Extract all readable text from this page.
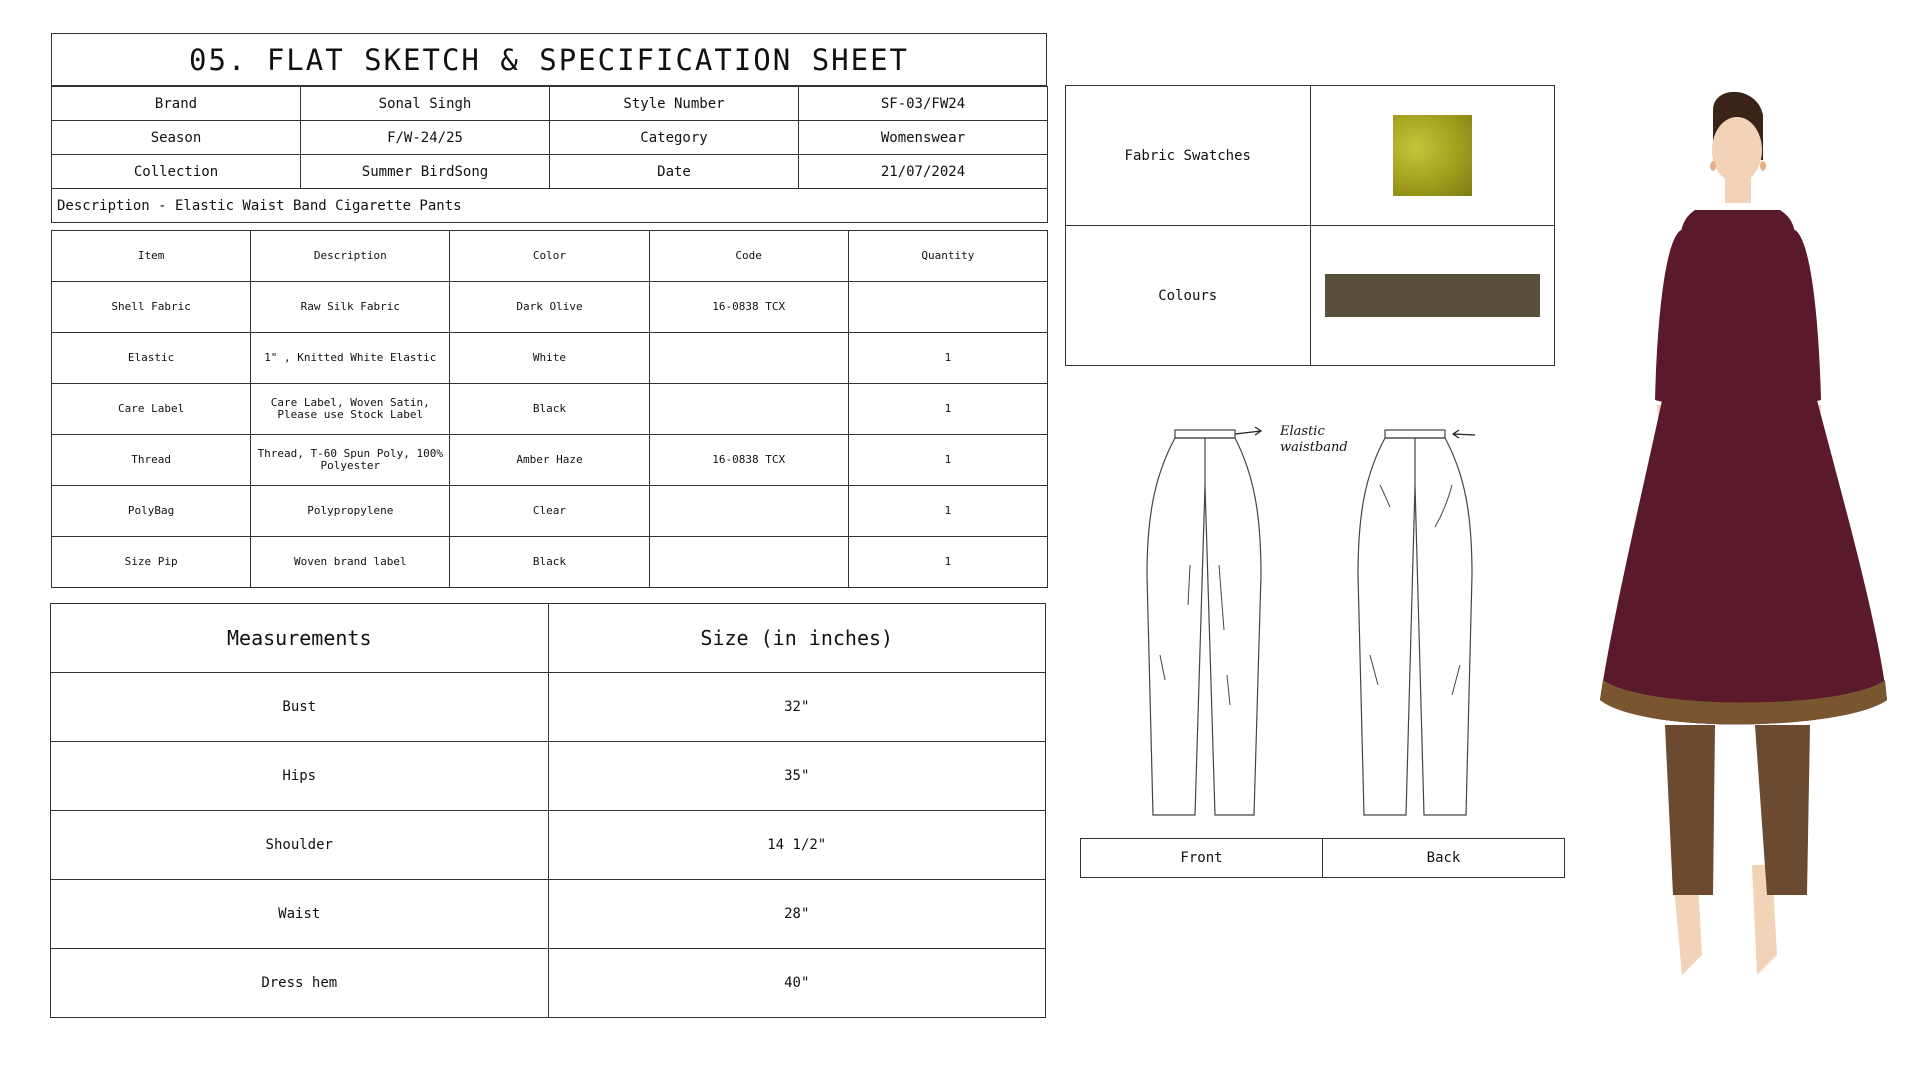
05. FLAT SKETCH & SPECIFICATION SHEET
Brand	Sonal Singh	Style Number	SF-03/FW24
Season	F/W-24/25	Category	Womenswear
Collection	Summer BirdSong	Date	21/07/2024
Description - Elastic Waist Band Cigarette Pants			
Item	Description	Color	Code	Quantity
Shell Fabric	Raw Silk Fabric	Dark Olive	16-0838 TCX	
Elastic	1" , Knitted White Elastic	White		1
Care Label	Care Label, Woven Satin, Please use Stock Label	Black		1
Thread	Thread, T-60 Spun Poly, 100% Polyester	Amber Haze	16-0838 TCX	1
PolyBag	Polypropylene	Clear		1
Size Pip	Woven brand label	Black		1
Measurements	Size (in inches)
Bust	32"
Hips	35"
Shoulder	14 1/2"
Waist	28"
Dress hem	40"
Fabric Swatches	

Colours	
Elastic
waistband
Front	Back
